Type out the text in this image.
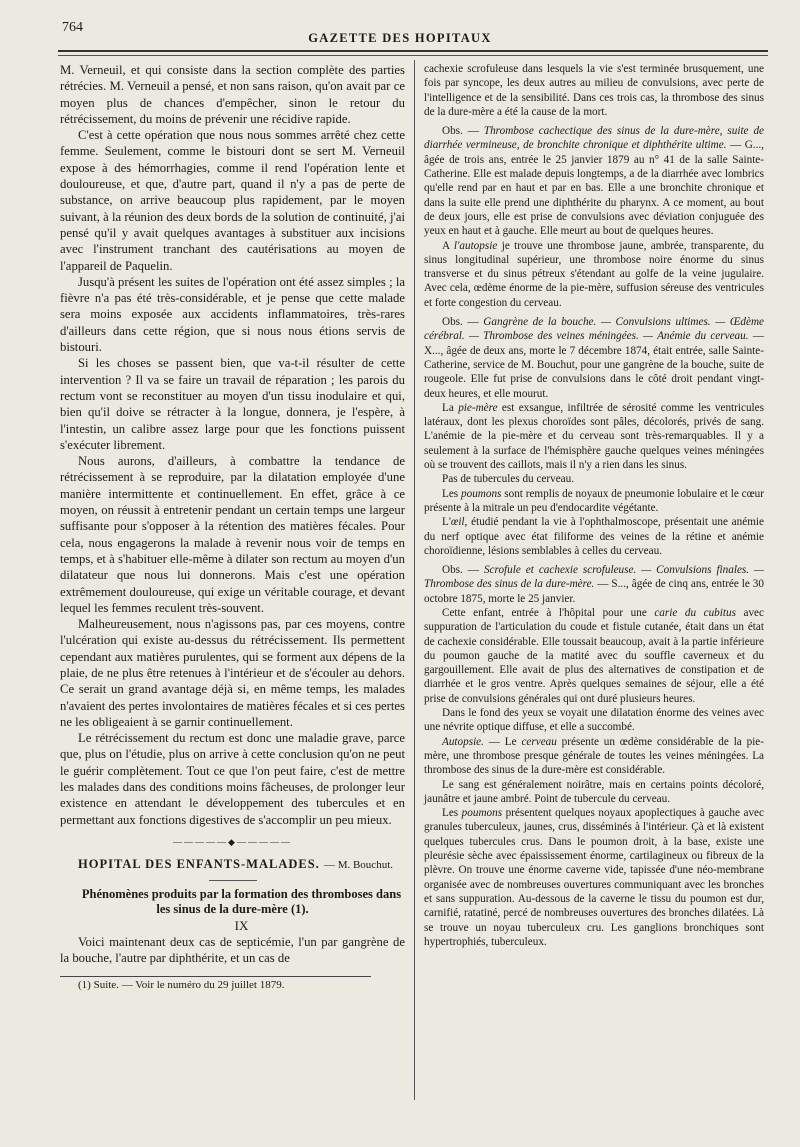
764
GAZETTE DES HOPITAUX

M. Verneuil, et qui consiste dans la section complète des parties rétrécies. M. Verneuil a pensé, et non sans raison, qu'on avait par ce moyen plus de chances d'empêcher, sinon le retour du rétrécissement, du moins de prévenir une récidive rapide.

C'est à cette opération que nous nous sommes arrêté chez cette femme. Seulement, comme le bistouri dont se sert M. Verneuil expose à des hémorrhagies, comme il rend l'opération lente et douloureuse, et que, d'autre part, quand il n'y a pas de perte de substance, on arrive beaucoup plus rapidement, par le moyen suivant, à la réunion des deux bords de la solution de continuité, j'ai pensé qu'il y avait quelques avantages à substituer aux incisions avec l'instrument tranchant des cautérisations au moyen de l'appareil de Paquelin.

Jusqu'à présent les suites de l'opération ont été assez simples ; la fièvre n'a pas été très-considérable, et je pense que cette malade sera moins exposée aux accidents inflammatoires, très-rares d'ailleurs dans cette région, que si nous nous étions servis de bistouri.

Si les choses se passent bien, que va-t-il résulter de cette intervention ? Il va se faire un travail de réparation ; les parois du rectum vont se reconstituer au moyen d'un tissu inodulaire et qui, bien qu'il doive se rétracter à la longue, donnera, je l'espère, à l'intestin, un calibre assez large pour que les fonctions puissent s'exécuter librement.

Nous aurons, d'ailleurs, à combattre la tendance de rétrécissement à se reproduire, par la dilatation employée d'une manière intermittente et continuellement. En effet, grâce à ce moyen, on réussit à entretenir pendant un certain temps une largeur suffisante pour s'opposer à la rétention des matières fécales. Pour cela, nous engagerons la malade à revenir nous voir de temps en temps, et à s'habituer elle-même à dilater son rectum au moyen d'un dilatateur que nous lui donnerons. Mais c'est une opération extrêmement douloureuse, qui exige un véritable courage, et devant lequel les femmes reculent très-souvent.

Malheureusement, nous n'agissons pas, par ces moyens, contre l'ulcération qui existe au-dessus du rétrécissement. Ils permettent cependant aux matières purulentes, qui se forment aux dépens de la plaie, de ne plus être retenues à l'intérieur et de s'écouler au dehors. Ce serait un grand avantage déjà si, en même temps, les malades n'avaient des pertes involontaires de matières fécales et si ces pertes ne les obligeaient à se garnir continuellement.

Le rétrécissement du rectum est donc une maladie grave, parce que, plus on l'étudie, plus on arrive à cette conclusion qu'on ne peut le guérir complètement. Tout ce que l'on peut faire, c'est de mettre les malades dans des conditions moins fâcheuses, de prolonger leur existence en attendant le développement des tubercules et en permettant aux fonctions digestives de s'accomplir un peu mieux.

—————◆—————

HOPITAL DES ENFANTS-MALADES. — M. Bouchut.

Phénomènes produits par la formation des thromboses dans les sinus de la dure-mère (1).

IX

Voici maintenant deux cas de septicémie, l'un par gangrène de la bouche, l'autre par diphthérite, et un cas de

(1) Suite. — Voir le numéro du 29 juillet 1879.

cachexie scrofuleuse dans lesquels la vie s'est terminée brusquement, une fois par syncope, les deux autres au milieu de convulsions, avec perte de l'intelligence et de la sensibilité. Dans ces trois cas, la thrombose des sinus de la dure-mère a été la cause de la mort.

Obs. — Thrombose cachectique des sinus de la dure-mère, suite de diarrhée vermineuse, de bronchite chronique et diphthérite ultime. — G..., âgée de trois ans, entrée le 25 janvier 1879 au n° 41 de la salle Sainte-Catherine. Elle est malade depuis longtemps, a de la diarrhée avec lombrics qu'elle rend par en haut et par en bas. Elle a une bronchite chronique et dans la suite elle prend une diphthérite du pharynx. A ce moment, au bout de deux jours, elle est prise de convulsions avec déviation conjuguée des yeux en haut et à gauche. Elle meurt au bout de quelques heures.

A l'autopsie je trouve une thrombose jaune, ambrée, transparente, du sinus longitudinal supérieur, une thrombose noire énorme du sinus transverse et du sinus pétreux s'étendant au golfe de la veine jugulaire. Avec cela, œdème énorme de la pie-mère, suffusion séreuse des ventricules et forte congestion du cerveau.

Obs. — Gangrène de la bouche. — Convulsions ultimes. — Œdème cérébral. — Thrombose des veines méningées. — Anémie du cerveau. — X..., âgée de deux ans, morte le 7 décembre 1874, était entrée, salle Sainte-Catherine, service de M. Bouchut, pour une gangrène de la bouche, suite de rougeole. Elle fut prise de convulsions dans le côté droit pendant vingt-deux heures, et elle mourut.

La pie-mère est exsangue, infiltrée de sérosité comme les ventricules latéraux, dont les plexus choroïdes sont pâles, décolorés, privés de sang. L'anémie de la pie-mère et du cerveau sont très-remarquables. Il y a seulement à la surface de l'hémisphère gauche quelques veines méningées où se trouvent des caillots, mais il n'y a rien dans les sinus.

Pas de tubercules du cerveau.

Les poumons sont remplis de noyaux de pneumonie lobulaire et le cœur présente à la mitrale un peu d'endocardite végétante.

L'œil, étudié pendant la vie à l'ophthalmoscope, présentait une anémie du nerf optique avec état filiforme des veines de la rétine et anémie choroïdienne, lésions semblables à celles du cerveau.

Obs. — Scrofule et cachexie scrofuleuse. — Convulsions finales. — Thrombose des sinus de la dure-mère. — S..., âgée de cinq ans, entrée le 30 octobre 1875, morte le 25 janvier.

Cette enfant, entrée à l'hôpital pour une carie du cubitus avec suppuration de l'articulation du coude et fistule cutanée, était dans un état de cachexie considérable. Elle toussait beaucoup, avait à la partie inférieure du poumon gauche de la matité avec du souffle caverneux et du gargouillement. Elle avait de plus des alternatives de constipation et de diarrhée et le gros ventre. Après quelques semaines de séjour, elle a été prise de convulsions générales qui ont duré plusieurs heures.

Dans le fond des yeux se voyait une dilatation énorme des veines avec une névrite optique diffuse, et elle a succombé.

Autopsie. — Le cerveau présente un œdème considérable de la pie-mère, une thrombose presque générale de toutes les veines méningées. La thrombose des sinus de la dure-mère est considérable.

Le sang est généralement noirâtre, mais en certains points décoloré, jaunâtre et jaune ambré. Point de tubercule du cerveau.

Les poumons présentent quelques noyaux apoplectiques à gauche avec granules tuberculeux, jaunes, crus, disséminés à l'intérieur. Çà et là existent quelques tubercules crus. Dans le poumon droit, à la base, existe une pleurésie sèche avec épaississement énorme, cartilagineux ou fibreux de la plèvre. On trouve une énorme caverne vide, tapissée d'une néo-membrane organisée avec de nombreuses ouvertures communiquant avec les bronches et sans suppuration. Au-dessous de la caverne le tissu du poumon est dur, carnifié, ratatiné, percé de nombreuses ouvertures des bronches dilatées. Là se trouve un noyau tuberculeux cru. Les ganglions bronchiques sont hypertrophiés, tuberculeux.
